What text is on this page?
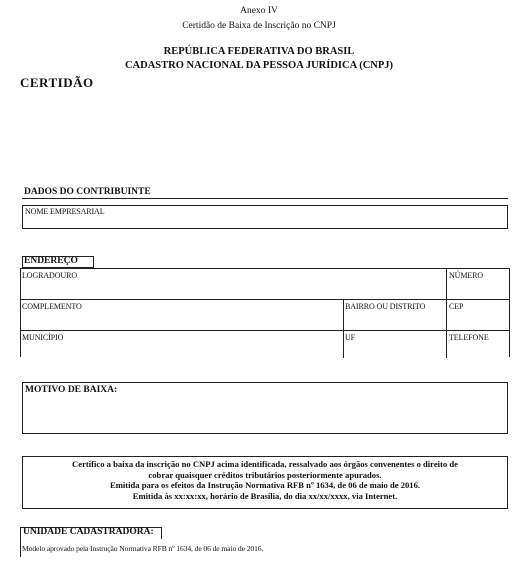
Anexo IV
Certidão de Baixa de Inscrição no CNPJ
REPÚBLICA FEDERATIVA DO BRASIL
CADASTRO NACIONAL DA PESSOA JURÍDICA (CNPJ)
CERTIDÃO
DADOS DO CONTRIBUINTE
NOME EMPRESARIAL
ENDEREÇO
LOGRADOURO	NÚMERO
COMPLEMENTO	BAIRRO OU DISTRITO	CEP
MUNICÍPIO	UF	TELEFONE
MOTIVO DE BAIXA:
Certifico a baixa da inscrição no CNPJ acima identificada, ressalvado aos órgãos convenentes o direito de
cobrar quaisquer créditos tributários posteriormente apurados.
Emitida para os efeitos da Instrução Normativa RFB nº 1634, de 06 de maio de 2016.
Emitida às xx:xx:xx, horário de Brasília, do dia xx/xx/xxxx, via Internet.
UNIDADE CADASTRADORA:
Modelo aprovado pela Instrução Normativa RFB nº 1634, de 06 de maio de 2016.
